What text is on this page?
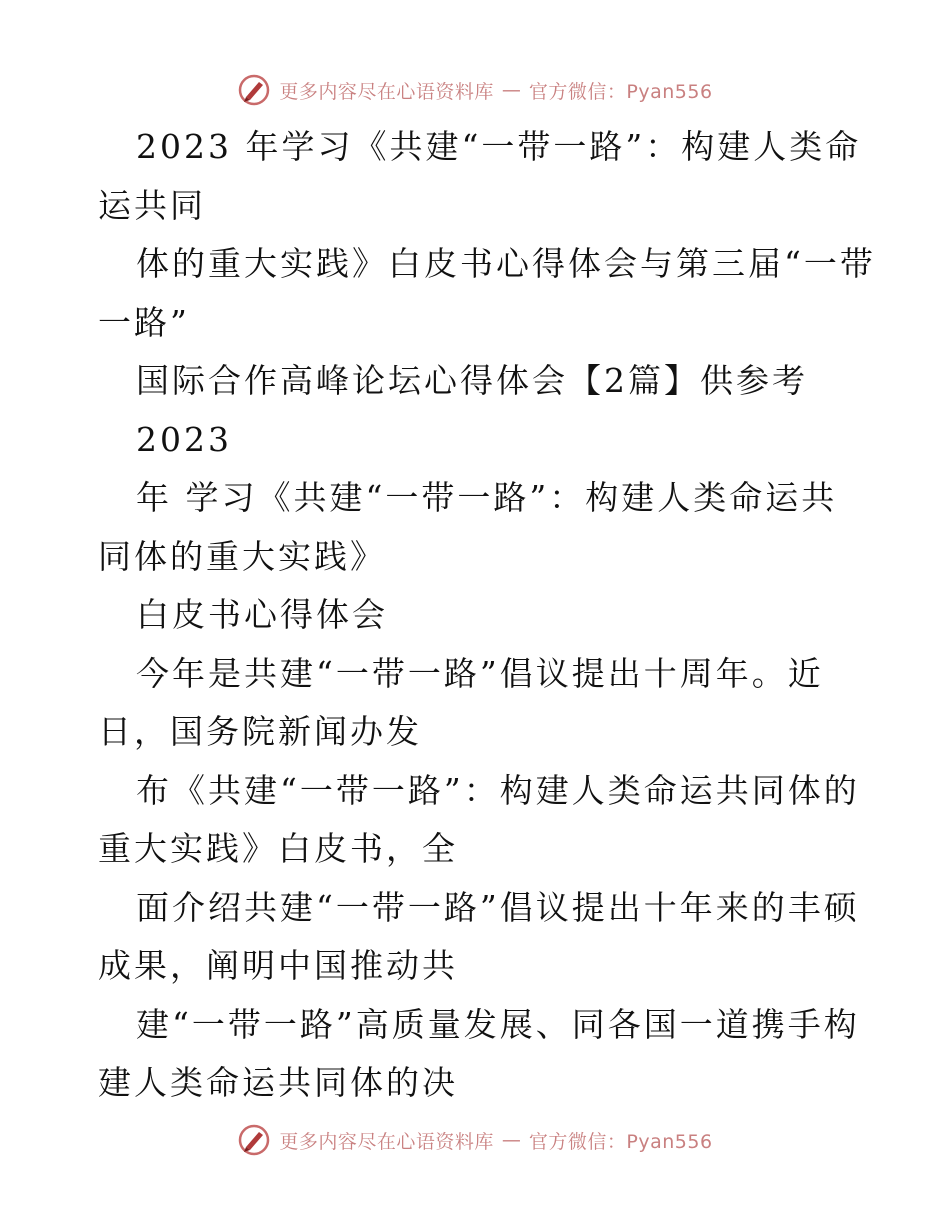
更多内容尽在心语资料库 — 官方微信：Pyan556
2023 年学习《共建“一带一路”：构建人类命
运共同
体的重大实践》白皮书心得体会与第三届“一带
一路”
国际合作高峰论坛心得体会【2篇】供参考
2023
年 学习《共建“一带一路”：构建人类命运共
同体的重大实践》
白皮书心得体会
今年是共建“一带一路”倡议提出十周年。近
日，国务院新闻办发
布《共建“一带一路”：构建人类命运共同体的
重大实践》白皮书，全
面介绍共建“一带一路”倡议提出十年来的丰硕
成果，阐明中国推动共
建“一带一路”高质量发展、同各国一道携手构
建人类命运共同体的决
更多内容尽在心语资料库 — 官方微信：Pyan556
